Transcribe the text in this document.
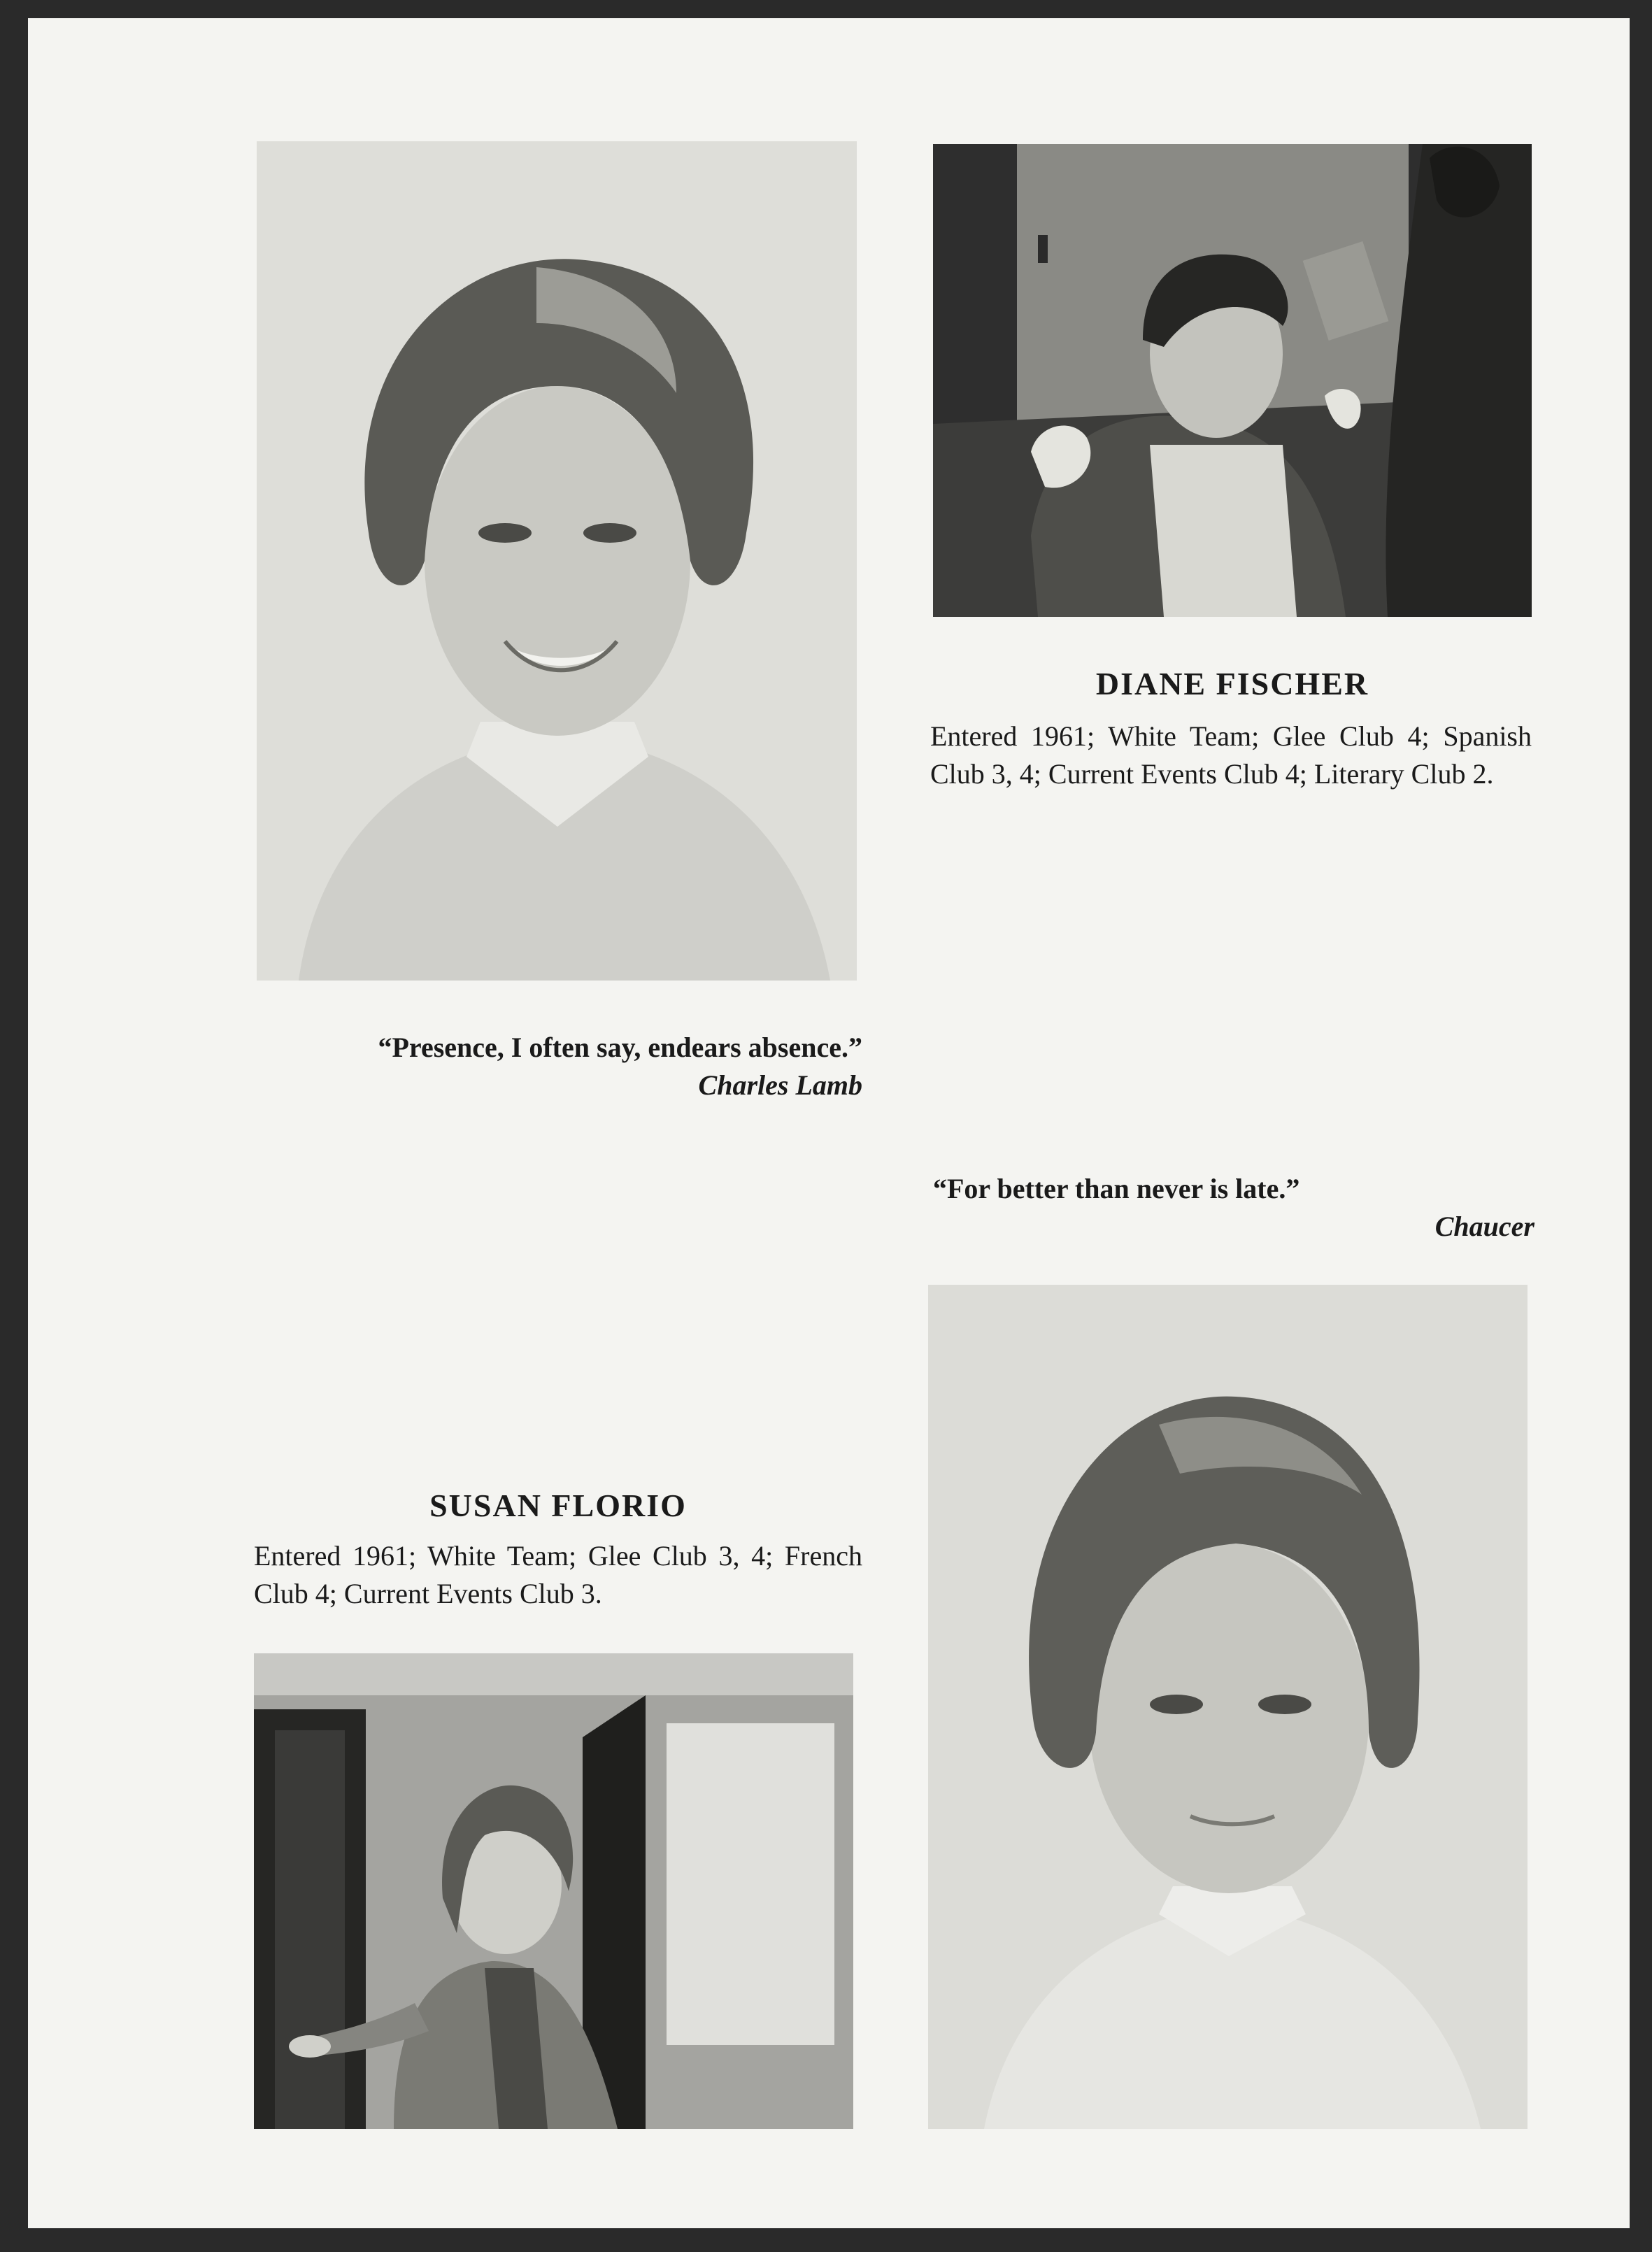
DIANE FISCHER
Entered 1961; White Team; Glee Club 4; Spanish Club 3, 4; Current Events Club 4; Literary Club 2.
“Presence, I often say, endears absence.”
Charles Lamb
“For better than never is late.”
Chaucer
SUSAN FLORIO
Entered 1961; White Team; Glee Club 3, 4; French Club 4; Current Events Club 3.
